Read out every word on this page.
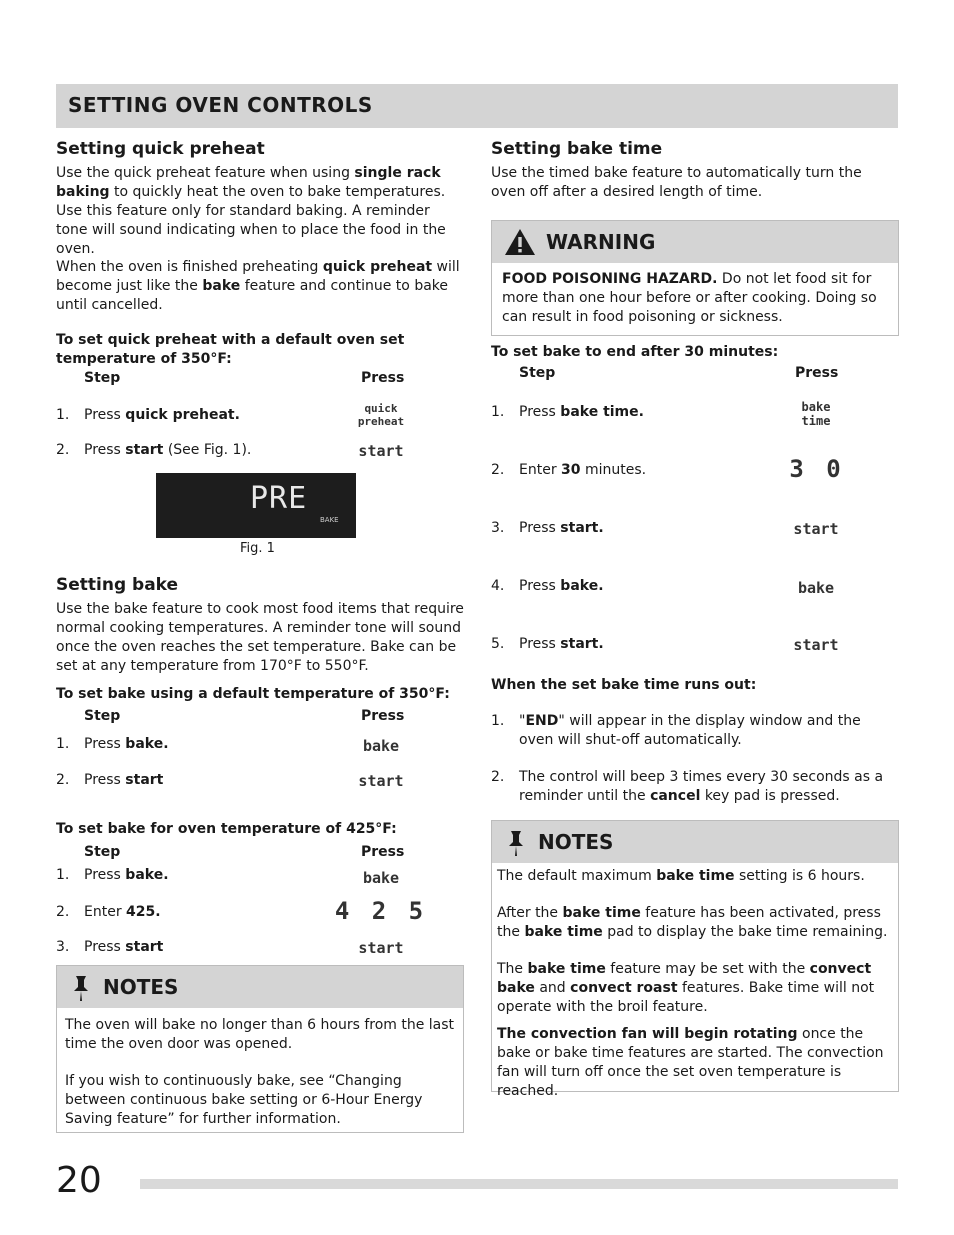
SETTING OVEN CONTROLS
Setting quick preheat
Use the quick preheat feature when using single rack baking to quickly heat the oven to bake temperatures. Use this feature only for standard baking. A reminder tone will sound indicating when to place the food in the oven.
When the oven is finished preheating quick preheat will become just like the bake feature and continue to bake until cancelled.
To set quick preheat with a default oven set temperature of 350°F:
Step	Press
1. Press quick preheat.	quick
preheat
2. Press start (See Fig. 1).	start
PRE
BAKE
Fig. 1
Setting bake
Use the bake feature to cook most food items that require normal cooking temperatures. A reminder tone will sound once the oven reaches the set temperature. Bake can be set at any temperature from 170°F to 550°F.
To set bake using a default temperature of 350°F:
Step	Press
1. Press bake.	bake
2. Press start	start
To set bake for oven temperature of 425°F:
Step	Press
1. Press bake.	bake
2. Enter 425.	4 2 5
3. Press start	start
NOTES

The oven will bake no longer than 6 hours from the last time the oven door was opened.

If you wish to continuously bake, see “Changing between continuous bake setting or 6-Hour Energy Saving feature” for further information.

Setting bake time
Use the timed bake feature to automatically turn the oven off after a desired length of time.
WARNING
FOOD POISONING HAZARD. Do not let food sit for more than one hour before or after cooking. Doing so can result in food poisoning or sickness.
To set bake to end after 30 minutes:
Step	Press
1. Press bake time.	bake
time
2. Enter 30 minutes.	3 0
3. Press start.	start
4. Press bake.	bake
5. Press start.	start
When the set bake time runs out:
1. "END" will appear in the display window and the oven will shut-off automatically.
2. The control will beep 3 times every 30 seconds as a reminder until the cancel key pad is pressed.
NOTES

The default maximum bake time setting is 6 hours.

After the bake time feature has been activated, press the bake time pad to display the bake time remaining.

The bake time feature may be set with the convect bake and convect roast features. Bake time will not operate with the broil feature.

The convection fan will begin rotating once the bake or bake time features are started. The convection fan will turn off once the set oven temperature is reached.

20
